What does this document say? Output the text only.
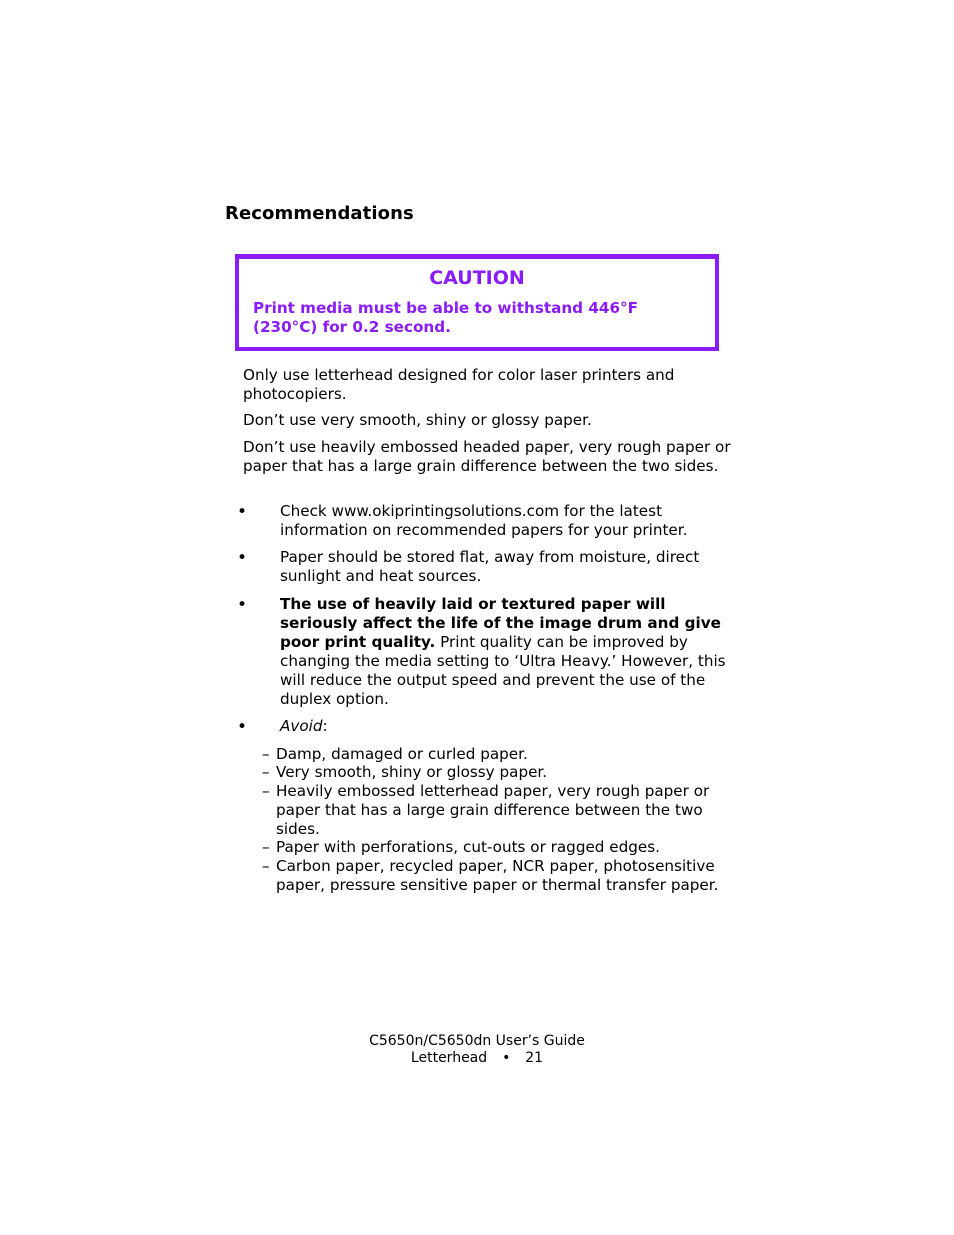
Recommendations
CAUTION
Print media must be able to withstand 446°F
(230°C) for 0.2 second.

Only use letterhead designed for color laser printers and photocopiers.

Don’t use very smooth, shiny or glossy paper.

Don’t use heavily embossed headed paper, very rough paper or paper that has a large grain difference between the two sides.

• Check www.okiprintingsolutions.com for the latest information on recommended papers for your printer.

• Paper should be stored flat, away from moisture, direct sunlight and heat sources.

• The use of heavily laid or textured paper will seriously affect the life of the image drum and give poor print quality. Print quality can be improved by changing the media setting to ‘Ultra Heavy.’ However, this will reduce the output speed and prevent the use of the duplex option.

• Avoid:

– Damp, damaged or curled paper.
– Very smooth, shiny or glossy paper.
– Heavily embossed letterhead paper, very rough paper or paper that has a large grain difference between the two sides.
– Paper with perforations, cut-outs or ragged edges.
– Carbon paper, recycled paper, NCR paper, photosensitive paper, pressure sensitive paper or thermal transfer paper.
C5650n/C5650dn User’s Guide
Letterhead • 21
